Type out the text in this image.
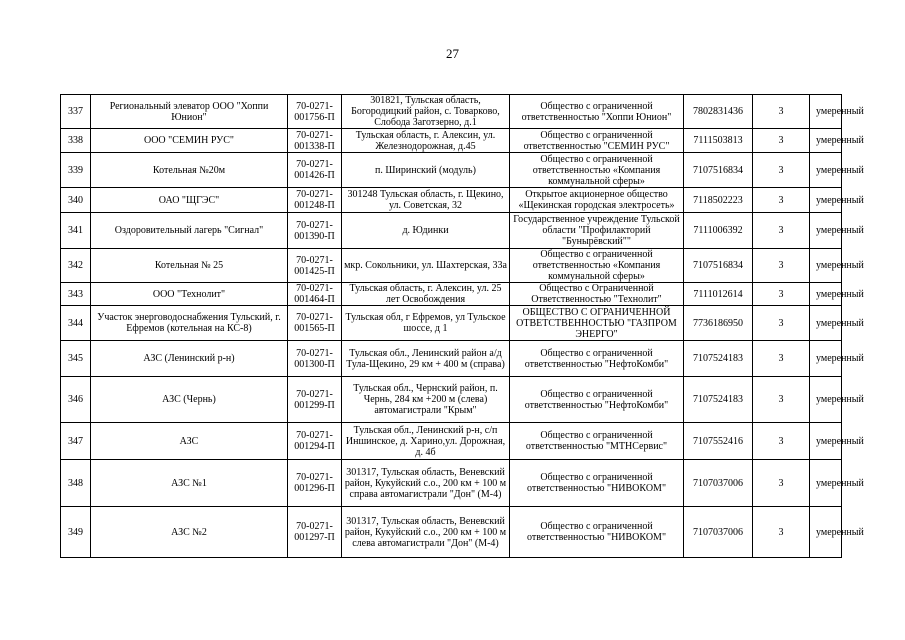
27
337	Региональный элеватор ООО "Хоппи Юнион"	70-0271-001756-П	301821, Тульская область, Богородицкий район, с. Товарково, Слобода Заготзерно, д.1	Общество с ограниченной ответственностью "Хоппи Юнион"	7802831436	3	умеренный
338	ООО "СЕМИН РУС"	70-0271-001338-П	Тульская область, г. Алексин, ул. Железнодорожная, д.45	Общество с ограниченной ответственностью "СЕМИН РУС"	7111503813	3	умеренный
339	Котельная №20м	70-0271-001426-П	п. Ширинский (модуль)	Общество с ограниченной ответственностью «Компания коммунальной сферы»	7107516834	3	умеренный
340	ОАО "ЩГЭС"	70-0271-001248-П	301248 Тульская область, г. Щекино, ул. Советская, 32	Открытое акционерное общество «Щекинская городская электросеть»	7118502223	3	умеренный
341	Оздоровительный лагерь "Сигнал"	70-0271-001390-П	д. Юдинки	Государственное учреждение Тульской области "Профилакторий "Бунырёвский""	7111006392	3	умеренный
342	Котельная № 25	70-0271-001425-П	мкр. Сокольники, ул. Шахтерская, 33а	Общество с ограниченной ответственностью «Компания коммунальной сферы»	7107516834	3	умеренный
343	ООО "Технолит"	70-0271-001464-П	Тульская область, г. Алексин, ул. 25 лет Освобождения	Общество с Ограниченной Ответственностью "Технолит"	7111012614	3	умеренный
344	Участок энерговодоснабжения Тульский, г. Ефремов (котельная на КС-8)	70-0271-001565-П	Тульская обл, г Ефремов, ул Тульское шоссе, д 1	ОБЩЕСТВО С ОГРАНИЧЕННОЙ ОТВЕТСТВЕННОСТЬЮ "ГАЗПРОМ ЭНЕРГО"	7736186950	3	умеренный
345	АЗС (Ленинский р-н)	70-0271-001300-П	Тульская обл., Ленинский район а/д Тула-Щекино, 29 км + 400 м (справа)	Общество с ограниченной ответственностью "НефтоКомби"	7107524183	3	умеренный
346	АЗС (Чернь)	70-0271-001299-П	Тульская обл., Чернский район, п. Чернь, 284 км +200 м (слева) автомагистрали "Крым"	Общество с ограниченной ответственностью "НефтоКомби"	7107524183	3	умеренный
347	АЗС	70-0271-001294-П	Тульская обл., Ленинский р-н, с/п Иншинское, д. Харино,ул. Дорожная, д. 4б	Общество с ограниченной ответственностью "МТНСервис"	7107552416	3	умеренный
348	АЗС №1	70-0271-001296-П	301317, Тульская область, Веневский район, Кукуйский с.о., 200 км + 100 м справа автомагистрали "Дон" (М-4)	Общество с ограниченной ответственностью "НИВОКОМ"	7107037006	3	умеренный
349	АЗС №2	70-0271-001297-П	301317, Тульская область, Веневский район, Кукуйский с.о., 200 км + 100 м слева автомагистрали "Дон" (М-4)	Общество с ограниченной ответственностью "НИВОКОМ"	7107037006	3	умеренный
